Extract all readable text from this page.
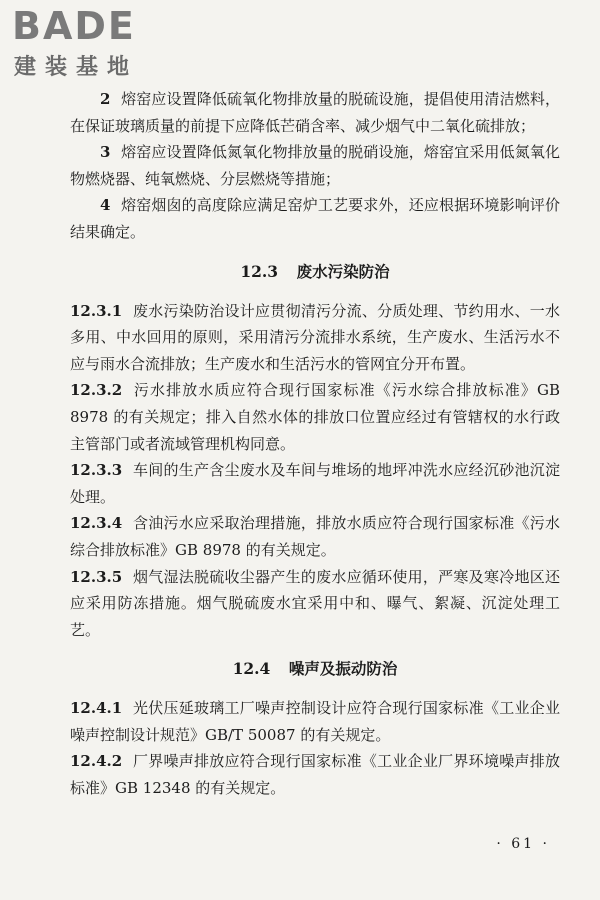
BADE
建装基地

2 熔窑应设置降低硫氧化物排放量的脱硫设施，提倡使用清洁燃料，在保证玻璃质量的前提下应降低芒硝含率、减少烟气中二氧化硫排放；

3 熔窑应设置降低氮氧化物排放量的脱硝设施，熔窑宜采用低氮氧化物燃烧器、纯氧燃烧、分层燃烧等措施；

4 熔窑烟囱的高度除应满足窑炉工艺要求外，还应根据环境影响评价结果确定。

12.3 废水污染防治

12.3.1 废水污染防治设计应贯彻清污分流、分质处理、节约用水、一水多用、中水回用的原则，采用清污分流排水系统，生产废水、生活污水不应与雨水合流排放；生产废水和生活污水的管网宜分开布置。

12.3.2 污水排放水质应符合现行国家标准《污水综合排放标准》GB 8978 的有关规定；排入自然水体的排放口位置应经过有管辖权的水行政主管部门或者流域管理机构同意。

12.3.3 车间的生产含尘废水及车间与堆场的地坪冲洗水应经沉砂池沉淀处理。

12.3.4 含油污水应采取治理措施，排放水质应符合现行国家标准《污水综合排放标准》GB 8978 的有关规定。

12.3.5 烟气湿法脱硫收尘器产生的废水应循环使用，严寒及寒冷地区还应采用防冻措施。烟气脱硫废水宜采用中和、曝气、絮凝、沉淀处理工艺。

12.4 噪声及振动防治

12.4.1 光伏压延玻璃工厂噪声控制设计应符合现行国家标准《工业企业噪声控制设计规范》GB/T 50087 的有关规定。

12.4.2 厂界噪声排放应符合现行国家标准《工业企业厂界环境噪声排放标准》GB 12348 的有关规定。

· 61 ·
